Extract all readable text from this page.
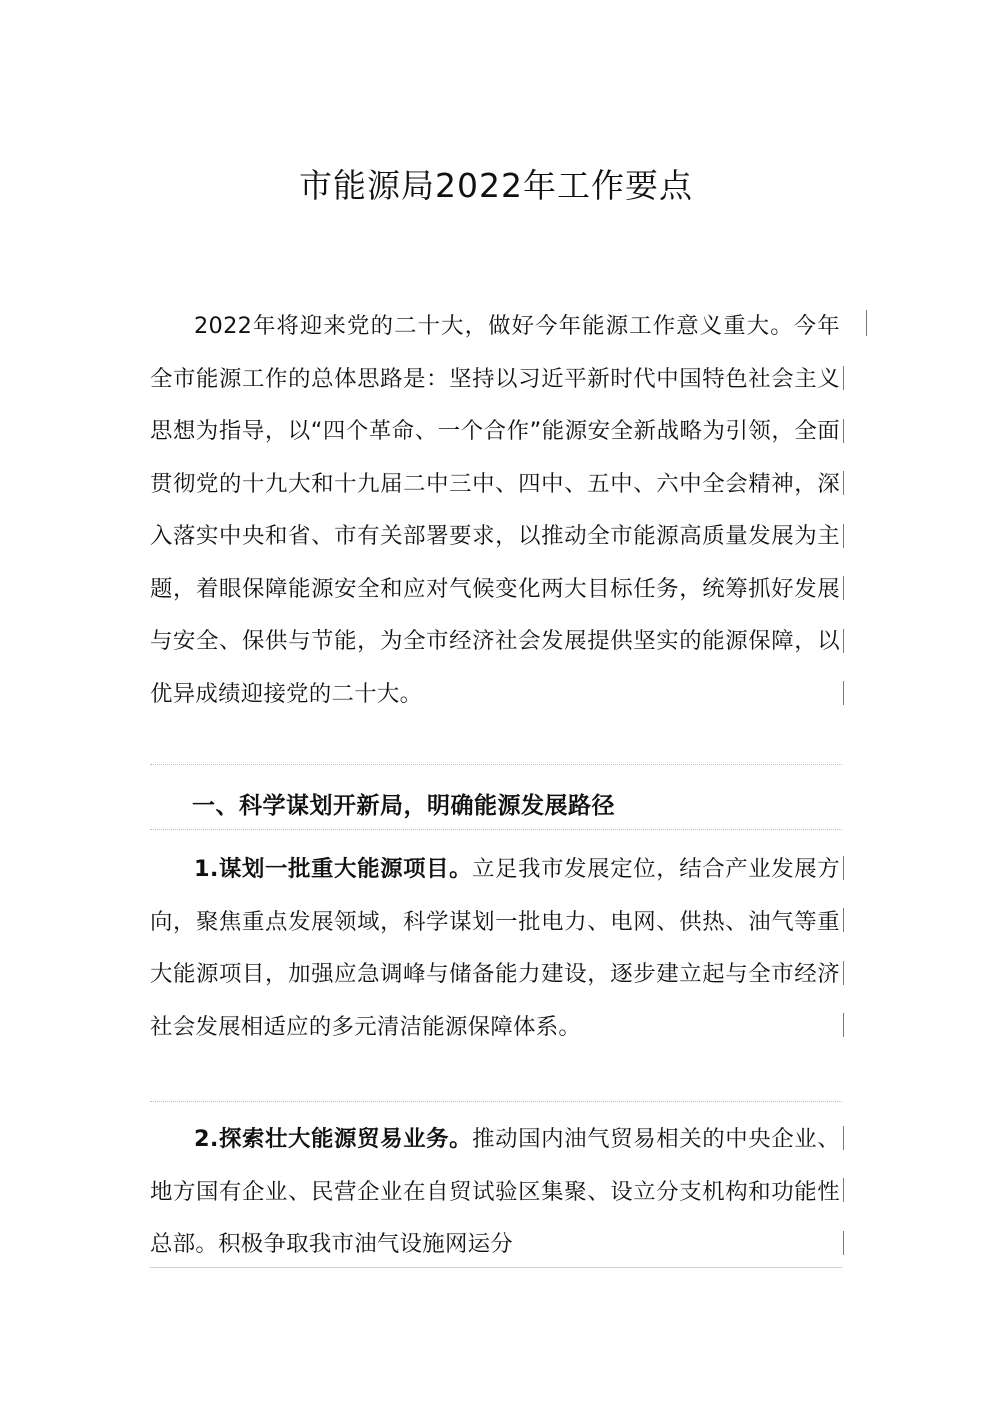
市能源局2022年工作要点
2022年将迎来党的二十大，做好今年能源工作意义重大。今年全市能源工作的总体思路是：坚持以习近平新时代中国特色社会主义思想为指导，以“四个革命、一个合作”能源安全新战略为引领，全面贯彻党的十九大和十九届二中三中、四中、五中、六中全会精神，深入落实中央和省、市有关部署要求，以推动全市能源高质量发展为主题，着眼保障能源安全和应对气候变化两大目标任务，统筹抓好发展与安全、保供与节能，为全市经济社会发展提供坚实的能源保障，以优异成绩迎接党的二十大。
一、科学谋划开新局，明确能源发展路径
1.谋划一批重大能源项目。立足我市发展定位，结合产业发展方向，聚焦重点发展领域，科学谋划一批电力、电网、供热、油气等重大能源项目，加强应急调峰与储备能力建设，逐步建立起与全市经济社会发展相适应的多元清洁能源保障体系。
2.探索壮大能源贸易业务。推动国内油气贸易相关的中央企业、地方国有企业、民营企业在自贸试验区集聚、设立分支机构和功能性总部。积极争取我市油气设施网运分
